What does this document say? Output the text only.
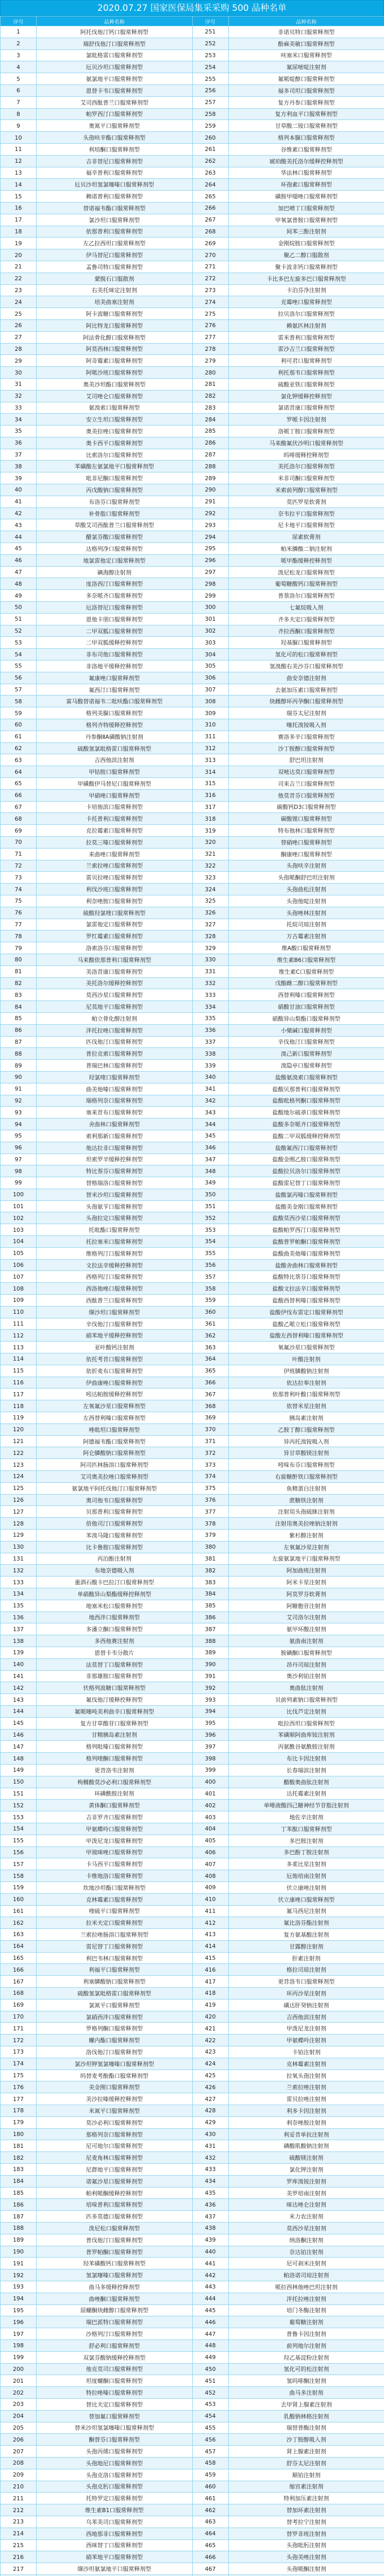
2020.07.27 国家医保局集采采购 500 品种名单
序号	品种名称	序号	品种名称
1	阿托伐他汀钙口服常释剂型	251	非诺贝特口服常释剂型
2	瑞舒伐他汀口服常释剂型	252	酚麻美敏口服常释剂型
3	氯吡格雷口服常释剂型	253	呋塞米口服常释剂型
4	厄贝沙坦口服常释剂型	254	氟尿嘧啶注射剂
5	氨氯地平口服常释剂型	255	氟哌啶醇口服常释剂型
6	恩替卡韦口服常释剂型	256	福多司坦口服常释剂型
7	艾司西酞普兰口服常释剂型	257	复方丹参口服常释剂型
8	帕罗西汀口服常释剂型	258	复方利血平口服常释剂型
9	奥氮平口服常释剂型	259	甘草酸二铵口服常释剂型
10	头孢呋辛酯口服常释剂型	260	格列本脲口服常释剂型
11	利培酮口服常释剂型	261	谷维素口服常释剂型
12	吉非替尼口服常释剂型	262	琥珀酸美托洛尔缓释控释剂型
13	福辛普利口服常释剂型	263	华法林口服常释剂型
14	厄贝沙坦氢氯噻嗪口服常释剂型	264	环孢素口服常释剂型
15	赖诺普利口服常释剂型	265	磺胺甲噁唑口服常释剂型
16	替诺福韦酯口服常释剂型	266	加巴喷丁口服常释剂型
17	氯沙坦口服常释剂型	267	甲氧氯普胺口服常释剂型
18	依那普利口服常释剂型	268	间苯三酚注射剂
19	左乙拉西坦口服常释剂型	269	金刚烷胺口服常释剂型
20	伊马替尼口服常释剂型	270	聚乙二醇口服散剂
21	孟鲁司特口服常释剂型	271	聚卡波非钙口服常释剂型
22	蒙脱石口服散剂	272	卡比多巴左旋多巴口服常释剂型
23	右美托咪定注射剂	273	卡泊芬净注射剂
24	培美曲塞注射剂	274	克霉唑口服常释剂型
25	阿卡波糖口服常释剂型	275	拉贝洛尔口服常释剂型
26	阿比特龙口服常释剂型	276	赖氨匹林注射剂
27	阿法骨化醇口服常释剂型	277	雷米普利口服常释剂型
28	阿莫西林口服常释剂型	278	雷沙吉兰口服常释剂型
29	阿奇霉素口服常释剂型	279	利可君口服常释剂型
30	阿哌沙班口服常释剂型	280	利托那韦口服常释剂型
31	奥美沙坦酯口服常释剂型	281	硫酸亚铁口服常释剂型
32	艾司唑仑口服常释剂型	282	氯化钾缓释控释剂型
33	氨溴索口服常释剂型	283	氯诺昔康口服常释剂型
34	安立生坦口服常释剂型	284	罗哌卡因注射剂
35	奥美拉唑口服常释剂型	285	洛哌丁胺口服常释剂型
36	奥卡西平口服常释剂型	286	马来酸氟伏沙明口服常释剂型
37	比索洛尔口服常释剂型	287	吗啡缓释控释剂型
38	苯磺酸左氨氯地平口服常释剂型	288	美托洛尔口服常释剂型
39	吡非尼酮口服常释剂型	289	米非司酮口服常释剂型
40	丙戊酸钠口服常释剂型	290	米索前列醇口服常释剂型
41	布洛芬口服常释剂型	291	莫匹罗星软膏剂
42	补骨脂口服常释剂型	292	奈韦拉平口服常释剂型
43	草酸艾司西酞普兰口服常释剂型	293	尼卡地平口服常释剂型
44	醋氯芬酸口服常释剂型	294	尿素软膏剂
45	达格列净口服常释剂型	295	帕米膦酸二钠注射剂
46	地氯雷他定口服常释剂型	296	哌甲酯缓释控释剂型
47	碘海醇注射剂	297	泼尼松龙口服常释剂型
48	度洛西汀口服常释剂型	298	葡萄糖酸钙口服常释剂型
49	多奈哌齐口服常释剂型	299	普萘洛尔口服常释剂型
50	厄洛替尼口服常释剂型	300	七氟烷吸入剂
51	恩他卡朋口服常释剂型	301	齐多夫定口服常释剂型
52	二甲双胍口服常释剂型	302	齐拉西酮口服常释剂型
53	二甲双胍缓释控释剂型	303	羟基脲口服常释剂型
54	非布司他口服常释剂型	304	氢化可的松口服常释剂型
55	非洛地平缓释控释剂型	305	氢溴酸右美沙芬口服常释剂型
56	氟康唑口服常释剂型	306	曲安奈德注射剂
57	氟西汀口服常释剂型	307	去氨加压素口服常释剂型
58	富马酸替诺福韦二吡呋酯口服常释剂型	308	炔雌醇环丙孕酮口服常释剂型
59	格列美脲口服常释剂型	309	瑞芬太尼注射剂
60	格列齐特缓释控释剂型	310	噻托溴铵吸入剂
61	丹参酮ⅡA磺酸钠注射剂	311	赛洛多辛口服常释剂型
62	硫酸氢氯吡格雷口服常释剂型	312	沙丁胺醇口服常释剂型
63	吉西他滨注射剂	313	舒巴坦注射剂
64	甲钴胺口服常释剂型	314	双嘧达莫口服常释剂型
65	甲磺酸伊马替尼口服常释剂型	315	司来吉兰口服常释剂型
66	甲硝唑口服常释剂型	316	他莫昔芬口服常释剂型
67	卡培他滨口服常释剂型	317	碳酸钙D3口服常释剂型
68	卡托普利口服常释剂型	318	碳酸锂口服常释剂型
69	克拉霉素口服常释剂型	319	特布他林口服常释剂型
70	拉莫三嗪口服常释剂型	320	替硝唑口服常释剂型
71	来曲唑口服常释剂型	321	酮康唑口服常释剂型
72	兰索拉唑口服常释剂型	322	头孢呋辛注射剂
73	雷贝拉唑口服常释剂型	323	头孢哌酮舒巴坦注射剂
74	利伐沙班口服常释剂型	324	头孢曲松注射剂
75	利奈唑胺口服常释剂型	325	头孢他啶注射剂
76	硫酸羟氯喹口服常释剂型	326	头孢唑林注射剂
77	氯雷他定口服常释剂型	327	托烷司琼注射剂
78	罗红霉素口服常释剂型	328	万古霉素注射剂
79	洛索洛芬口服常释剂型	329	维A酸口服常释剂型
80	马来酸依那普利口服常释剂型	330	维生素B6口服常释剂型
81	美洛昔康口服常释剂型	331	维生素C口服常释剂型
82	美托洛尔缓释控释剂型	332	戊酸雌二醇口服常释剂型
83	莫西沙星口服常释剂型	333	西替利嗪口服常释剂型
84	尼莫地平口服常释剂型	334	硝酸甘油口服常释剂型
85	帕立骨化醇注射剂	335	硝酸异山梨酯口服常释剂型
86	泮托拉唑口服常释剂型	336	小檗碱口服常释剂型
87	匹伐他汀口服常释剂型	337	辛伐他汀口服常释剂型
88	普拉克索口服常释剂型	338	溴己新口服常释剂型
89	普瑞巴林口服常释剂型	339	溴隐亭口服常释剂型
90	羟氯喹口服常释剂型	340	盐酸氨溴索口服常释剂型
91	曲美他嗪口服常释剂型	341	盐酸贝那普利口服常释剂型
92	瑞格列奈口服常释剂型	342	盐酸吡格列酮口服常释剂型
93	塞来昔布口服常释剂型	343	盐酸地尔硫䓬口服常释剂型
94	舍曲林口服常释剂型	344	盐酸多奈哌齐口服常释剂型
95	索利那新口服常释剂型	345	盐酸二甲双胍缓释控释剂型
96	他达拉非口服常释剂型	346	盐酸氟西汀口服常释剂型
97	坦索罗辛缓释控释剂型	347	盐酸金刚乙胺口服常释剂型
98	特比萘芬口服常释剂型	348	盐酸拉贝洛尔口服常释剂型
99	替格瑞洛口服常释剂型	349	盐酸雷尼替丁口服常释剂型
100	替米沙坦口服常释剂型	350	盐酸氯丙嗪口服常释剂型
101	头孢氨苄口服常释剂型	351	盐酸美金刚口服常释剂型
102	头孢拉定口服常释剂型	352	盐酸莫西沙星口服常释剂型
103	托吡酯口服常释剂型	353	盐酸帕罗西汀口服常释剂型
104	托拉塞米口服常释剂型	354	盐酸普罗帕酮口服常释剂型
105	维格列汀口服常释剂型	355	盐酸曲美他嗪口服常释剂型
106	文拉法辛缓释控释剂型	356	盐酸舍曲林口服常释剂型
107	西格列汀口服常释剂型	357	盐酸特比萘芬口服常释剂型
108	西洛他唑口服常释剂型	358	盐酸文拉法辛口服常释剂型
109	西酞普兰口服常释剂型	359	盐酸西替利嗪口服常释剂型
110	缬沙坦口服常释剂型	360	盐酸伊伐布雷定口服常释剂型
111	辛伐他汀口服常释剂型	361	盐酸乙哌立松口服常释剂型
112	硝苯地平缓释控释剂型	362	盐酸左西替利嗪口服常释剂型
113	亚叶酸钙注射剂	363	氧氟沙星口服常释剂型
114	依托考昔口服常释剂型	364	叶酸注射剂
115	依折麦布口服常释剂型	365	伊班膦酸钠注射剂
116	伊曲康唑口服常释剂型	366	依达拉奉注射剂
117	吲达帕胺缓释控释剂型	367	依那普利叶酸口服常释剂型
118	左氧氟沙星口服常释剂型	368	依替米星注射剂
119	左西替利嗪口服常释剂型	369	胰岛素注射剂
120	唑吡坦口服常释剂型	370	乙胺丁醇口服常释剂型
121	阿德福韦酯口服常释剂型	371	异丙托溴铵吸入剂
122	阿仑膦酸钠口服常释剂型	372	异甘草酸镁注射剂
123	阿司匹林肠溶口服常释剂型	373	吲哚布芬口服常释剂型
124	艾司奥美拉唑口服常释剂型	374	右旋糖酐铁口服常释剂型
125	氨氯地平阿托伐他汀口服常释剂型	375	鱼精蛋白注射剂
126	奥司他韦口服常释剂型	376	蔗糖铁注射剂
127	贝那普利口服常释剂型	377	注射用头孢硫脒注射剂
128	倍他司汀口服常释剂型	378	注射用奥美拉唑钠注射剂
129	苯溴马隆口服常释剂型	379	紫杉醇注射剂
130	比卡鲁胺口服常释剂型	380	左氧氟沙星注射剂
131	丙泊酚注射剂	381	左旋氨氯地平口服常释剂型
132	布地奈德吸入剂	382	阿加曲班注射剂
133	重酒石酸卡巴拉汀口服常释剂型	383	阿米卡星注射剂
134	单硝酸异山梨酯缓释控释剂型	384	阿莫罗芬软膏剂
135	地塞米松口服常释剂型	385	阿糖胞苷注射剂
136	地西泮口服常释剂型	386	艾司洛尔注射剂
137	多潘立酮口服常释剂型	387	氨甲环酸注射剂
138	多西他赛注射剂	388	氨曲南注射剂
139	恩替卡韦分散片	389	胺碘酮口服常释剂型
140	法莫替丁口服常释剂型	390	昂丹司琼注射剂
141	非那雄胺口服常释剂型	391	奥沙利铂注射剂
142	伏格列波糖口服常释剂型	392	奥曲肽注射剂
143	氟伐他汀缓释控释剂型	393	贝前列素钠口服常释剂型
144	氟哌噻吨美利曲辛口服常释剂型	394	比伐芦定注射剂
145	复方甘草酸苷口服常释剂型	395	吡拉西坦口服常释剂型
146	甘精胰岛素注射剂	396	苯磺顺阿曲库铵注射剂
147	格列吡嗪口服常释剂型	397	丙氨酰谷氨酰胺注射剂
148	格列喹酮口服常释剂型	398	布比卡因注射剂
149	更昔洛韦注射剂	399	长春瑞滨注射剂
150	枸橼酸莫沙必利口服常释剂型	400	醋酸奥曲肽注射剂
151	环磷酰胺注射剂	401	达托霉素注射剂
152	黄体酮口服常释剂型	402	单唾液酸四己糖神经节苷脂注射剂
153	吉非罗齐口服常释剂型	403	地佐辛注射剂
154	甲氨蝶呤口服常释剂型	404	丁苯酞口服常释剂型
155	甲泼尼龙口服常释剂型	405	多巴胺注射剂
156	甲巯咪唑口服常释剂型	406	多巴酚丁胺注射剂
157	卡马西平口服常释剂型	407	多柔比星注射剂
158	卡维地洛口服常释剂型	408	厄他培南注射剂
159	坎地沙坦酯口服常释剂型	409	伏立康唑注射剂
160	克林霉素口服常释剂型	410	伏立康唑口服常释剂型
161	喹硫平口服常释剂型	411	氟马西尼注射剂
162	拉米夫定口服常释剂型	412	氟比洛芬酯注射剂
163	兰索拉唑肠溶口服常释剂型	413	复方氨基酸注射剂
164	雷尼替丁口服常释剂型	414	甘露醇注射剂
165	利巴韦林口服常释剂型	415	肝素注射剂
166	利福平口服常释剂型	416	格拉司琼注射剂
167	利塞膦酸钠口服常释剂型	417	更昔洛韦口服常释剂型
168	硫酸氢氯吡格雷口服常释剂型	418	环丙沙星注射剂
169	氯氮平口服常释剂型	419	磺达肝癸钠注射剂
170	氯硝西泮口服常释剂型	420	吉西他滨注射剂
171	罗格列酮口服常释剂型	421	甲泼尼龙注射剂
172	螺内酯口服常释剂型	422	甲氨蝶呤注射剂
173	洛伐他汀口服常释剂型	423	卡铂注射剂
174	氯沙坦钾氢氯噻嗪口服常释剂型	424	克林霉素注射剂
175	吗替麦考酚酯口服常释剂型	425	拉氧头孢注射剂
176	美金刚口服常释剂型	426	兰索拉唑注射剂
177	美沙拉嗪缓释控释剂型	427	雷贝拉唑注射剂
178	米氮平口服常释剂型	428	利多卡因注射剂
179	莫沙必利口服常释剂型	429	利奈唑胺注射剂
180	那格列奈口服常释剂型	430	利妥昔单抗注射剂
181	尼可地尔口服常释剂型	431	磷酸肌酸钠注射剂
182	尼麦角林口服常释剂型	432	硫酸镁注射剂
183	尼群地平口服常释剂型	433	氯化钾注射剂
184	诺氟沙星口服常释剂型	434	罗库溴铵注射剂
185	帕利哌酮缓释控释剂型	435	美罗培南注射剂
186	培哚普利口服常释剂型	436	咪达唑仑注射剂
187	匹多莫德口服常释剂型	437	米力农注射剂
188	泼尼松口服常释剂型	438	莫西沙星注射剂
189	普伐他汀口服常释剂型	439	纳洛酮注射剂
190	普罗帕酮口服常释剂型	440	奈达铂注射剂
191	羟苯磺酸钙口服常释剂型	441	尼可刹米注射剂
192	氢氯噻嗪口服常释剂型	442	帕洛诺司琼注射剂
193	曲马多缓释控释剂型	443	哌拉西林他唑巴坦注射剂
194	曲唑酮口服常释剂型	444	泮托拉唑注射剂
195	屈螺酮炔雌醇口服常释剂型	445	培门冬酶注射剂
196	瑞巴派特口服常释剂型	446	葡萄糖注射剂
197	沙格列汀口服常释剂型	447	普鲁卡因注射剂
198	舒必利口服常释剂型	448	前列地尔注射剂
199	双氯芬酸钠缓释控释剂型	449	羟乙基淀粉注射剂
200	他克莫司口服常释剂型	450	氢化可的松注射剂
201	坦度螺酮口服常释剂型	451	氢吗啡酮注射剂
202	特拉唑嗪口服常释剂型	452	曲马多注射剂
203	替比夫定口服常释剂型	453	去甲肾上腺素注射剂
204	替加氟口服常释剂型	454	乳酸钠林格注射剂
205	替米沙坦氢氯噻嗪口服常释剂型	455	瑞替普酶注射剂
206	酮替芬口服常释剂型	456	沙丁胺醇吸入剂
207	头孢丙烯口服常释剂型	457	肾上腺素注射剂
208	头孢地尼口服常释剂型	458	舒芬太尼注射剂
209	头孢克洛口服常释剂型	459	顺铂注射剂
210	头孢克肟口服常释剂型	460	缩宫素注射剂
211	托特罗定口服常释剂型	461	特利加压素注射剂
212	维生素B1口服常释剂型	462	替加环素注射剂
213	乌苯美司口服常释剂型	463	替考拉宁注射剂
214	西地那非口服常释剂型	464	替罗非班注射剂
215	西咪替丁口服常释剂型	465	头孢吡肟注射剂
216	硝苯地平口服常释剂型	466	头孢美唑注射剂
217	缬沙坦氨氯地平口服常释剂型	467	头孢哌酮注射剂
